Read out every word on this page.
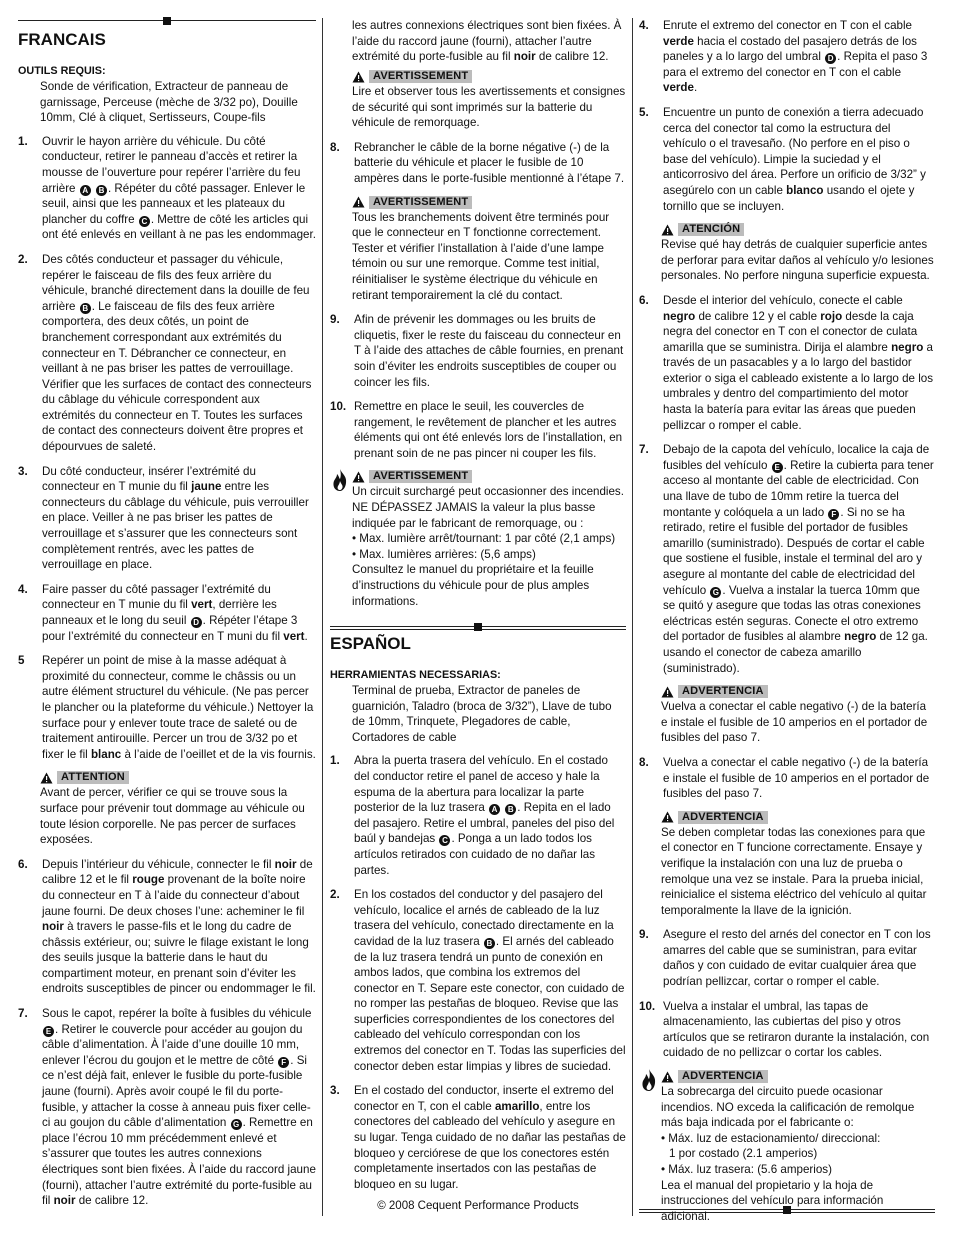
FRANCAIS

OUTILS REQUIS:

Sonde de vérification, Extracteur de panneau de garnissage, Perceuse (mèche de 3/32 po), Douille 10mm, Clé à cliquet, Sertisseurs, Coupe-fils

1. Ouvrir le hayon arrière du véhicule. Du côté conducteur, retirer le panneau d’accès et retirer la mousse de l’ouverture pour repérer l’arrière du feu arrière A B . Répéter du côté passager. Enlever le seuil, ainsi que les panneaux et les plateaux du plancher du coffre C . Mettre de côté les articles qui ont été enlevés en veillant à ne pas les endommager.
2. Des côtés conducteur et passager du véhicule, repérer le faisceau de fils des feux arrière du véhicule, branché directement dans la douille de feu arrière B . Le faisceau de fils des feux arrière comportera, des deux côtés, un point de branchement correspondant aux extrémités du connecteur en T. Débrancher ce connecteur, en veillant à ne pas briser les pattes de verrouillage. Vérifier que les surfaces de contact des connecteurs du câblage du véhicule correspondent aux extrémités du connecteur en T. Toutes les surfaces de contact des connecteurs doivent être propres et dépourvues de saleté.
3. Du côté conducteur, insérer l’extrémité du connecteur en T munie du fil jaune entre les connecteurs du câblage du véhicule, puis verrouiller en place. Veiller à ne pas briser les pattes de verrouillage et s’assurer que les connecteurs sont complètement rentrés, avec les pattes de verrouillage en place.
4. Faire passer du côté passager l’extrémité du connecteur en T munie du fil vert, derrière les panneaux et le long du seuil D . Répéter l’étape 3 pour l’extrémité du connecteur en T muni du fil vert.
5 Repérer un point de mise à la masse adéquat à proximité du connecteur, comme le châssis ou un autre élément structurel du véhicule. (Ne pas percer le plancher ou la plateforme du véhicule.) Nettoyer la surface pour y enlever toute trace de saleté ou de traitement antirouille. Percer un trou de 3/32 po et fixer le fil blanc à l’aide de l’oeillet et de la vis fournis.
ATTENTION

Avant de percer, vérifier ce qui se trouve sous la surface pour prévenir tout dommage au véhicule ou toute lésion corporelle. Ne pas percer de surfaces exposées.

6. Depuis l’intérieur du véhicule, connecter le fil noir de calibre 12 et le fil rouge provenant de la boîte noire du connecteur en T à l’aide du connecteur d’about jaune fourni. De deux choses l’une: acheminer le fil noir à travers le passe-fils et le long du cadre de châssis extérieur, ou; suivre le filage existant le long des seuils jusque la batterie dans le haut du compartiment moteur, en prenant soin d’éviter les endroits susceptibles de pincer ou endommager le fil.
7. Sous le capot, repérer la boîte à fusibles du véhicule E . Retirer le couvercle pour accéder au goujon du câble d’alimentation. À l’aide d’une douille 10 mm, enlever l’écrou du goujon et le mettre de côté F . Si ce n’est déjà fait, enlever le fusible du porte-fusible jaune (fourni). Après avoir coupé le fil du porte-fusible, y attacher la cosse à anneau puis fixer celle-ci au goujon du câble d’alimentation G . Remettre en place l’écrou 10 mm précédemment enlevé et s’assurer que toutes les autres connexions électriques sont bien fixées. À l’aide du raccord jaune (fourni), attacher l’autre extrémité du porte-fusible au fil noir de calibre 12.
AVERTISSEMENT

Lire et observer tous les avertissements et consignes de sécurité qui sont imprimés sur la batterie du véhicule de remorquage.

8. Rebrancher le câble de la borne négative (-) de la batterie du véhicule et placer le fusible de 10 ampères dans le porte-fusible mentionné à l’étape 7.
AVERTISSEMENT

Tous les branchements doivent être terminés pour que le connecteur en T fonctionne correctement. Tester et vérifier l’installation à l’aide d’une lampe témoin ou sur une remorque. Comme test initial, réinitialiser le système électrique du véhicule en retirant temporairement la clé du contact.

9. Afin de prévenir les dommages ou les bruits de cliquetis, fixer le reste du faisceau du connecteur en T à l’aide des attaches de câble fournies, en prenant soin d’éviter les endroits susceptibles de couper ou coincer les fils.
10. Remettre en place le seuil, les couvercles de rangement, le revêtement de plancher et les autres éléments qui ont été enlevés lors de l’installation, en prenant soin de ne pas pincer ni couper les fils.
AVERTISSEMENT

Un circuit surchargé peut occasionner des incendies. NE DÉPASSEZ JAMAIS la valeur la plus basse indiquée par le fabricant de remorquage, ou :

• Max. lumière arrêt/tournant: 1 par côté (2,1 amps)

• Max. lumières arrières: (5,6 amps)

Consultez le manuel du propriétaire et la feuille d’instructions du véhicule pour de plus amples informations.

les autres connexions électriques sont bien fixées. À l’aide du raccord jaune (fourni), attacher l’autre extrémité du porte-fusible au fil noir de calibre 12.

ESPAÑOL

HERRAMIENTAS NECESSARIAS:

Terminal de prueba, Extractor de paneles de guarnición, Taladro (broca de 3/32”), Llave de tubo de 10mm, Trinquete, Plegadores de cable, Cortadores de cable

1. Abra la puerta trasera del vehículo. En el costado del conductor retire el panel de acceso y hale la espuma de la abertura para localizar la parte posterior de la luz trasera A B . Repita en el lado del pasajero. Retire el umbral, paneles del piso del baúl y bandejas C . Ponga a un lado todos los artículos retirados con cuidado de no dañar las partes.
2. En los costados del conductor y del pasajero del vehículo, localice el arnés de cableado de la luz trasera del vehículo, conectado directamente en la cavidad de la luz trasera B . El arnés del cableado de la luz trasera tendrá un punto de conexión en ambos lados, que combina los extremos del conector en T. Separe este conector, con cuidado de no romper las pestañas de bloqueo. Revise que las superficies correspondientes de los conectores del cableado del vehículo correspondan con los extremos del conector en T. Todas las superficies del conector deben estar limpias y libres de suciedad.
3. En el costado del conductor, inserte el extremo del conector en T, con el cable amarillo, entre los conectores del cableado del vehículo y asegure en su lugar. Tenga cuidado de no dañar las pestañas de bloqueo y cerciórese de que los conectores estén completamente insertados con las pestañas de bloqueo en su lugar.
© 2008 Cequent Performance Products
4. Enrute el extremo del conector en T con el cable verde hacia el costado del pasajero detrás de los paneles y a lo largo del umbral D . Repita el paso 3 para el extremo del conector en T con el cable verde.
5. Encuentre un punto de conexión a tierra adecuado cerca del conector tal como la estructura del vehículo o el travesaño. (No perfore en el piso o base del vehículo). Limpie la suciedad y el anticorrosivo del área. Perfore un orificio de 3/32” y asegúrelo con un cable blanco usando el ojete y tornillo que se incluyen.
ATENCIÓN

Revise qué hay detrás de cualquier superficie antes de perforar para evitar daños al vehículo y/o lesiones personales. No perfore ninguna superficie expuesta.

6. Desde el interior del vehículo, conecte el cable negro de calibre 12 y el cable rojo desde la caja negra del conector en T con el conector de culata amarilla que se suministra. Dirija el alambre negro a través de un pasacables y a lo largo del bastidor exterior o siga el cableado existente a lo largo de los umbrales y dentro del compartimiento del motor hasta la batería para evitar las áreas que pueden pellizcar o romper el cable.
7. Debajo de la capota del vehículo, localice la caja de fusibles del vehículo E . Retire la cubierta para tener acceso al montante del cable de electricidad. Con una llave de tubo de 10mm retire la tuerca del montante y colóquela a un lado F . Si no se ha retirado, retire el fusible del portador de fusibles amarillo (suministrado). Después de cortar el cable que sostiene el fusible, instale el terminal del aro y asegure al montante del cable de electricidad del vehículo G . Vuelva a instalar la tuerca 10mm que se quitó y asegure que todas las otras conexiones eléctricas estén seguras. Conecte el otro extremo del portador de fusibles al alambre negro de 12 ga. usando el conector de cabeza amarillo (suministrado).
ADVERTENCIA

Vuelva a conectar el cable negativo (-) de la batería e instale el fusible de 10 amperios en el portador de fusibles del paso 7.

8. Vuelva a conectar el cable negativo (-) de la batería e instale el fusible de 10 amperios en el portador de fusibles del paso 7.
ADVERTENCIA

Se deben completar todas las conexiones para que el conector en T funcione correctamente. Ensaye y verifique la instalación con una luz de prueba o remolque una vez se instale. Para la prueba inicial, reinicialice el sistema eléctrico del vehículo al quitar temporalmente la llave de la ignición.

9. Asegure el resto del arnés del conector en T con los amarres del cable que se suministran, para evitar daños y con cuidado de evitar cualquier área que podrían pellizcar, cortar o romper el cable.
10. Vuelva a instalar el umbral, las tapas de almacenamiento, las cubiertas del piso y otros artículos que se retiraron durante la instalación, con cuidado de no pellizcar o cortar los cables.
ADVERTENCIA

La sobrecarga del circuito puede ocasionar incendios. NO exceda la calificación de remolque más baja indicada por el fabricante o:

• Máx. luz de estacionamiento/ direccional:

1 por costado (2.1 amperios)

• Máx. luz trasera: (5.6 amperios)

Lea el manual del propietario y la hoja de instrucciones del vehículo para información adicional.
